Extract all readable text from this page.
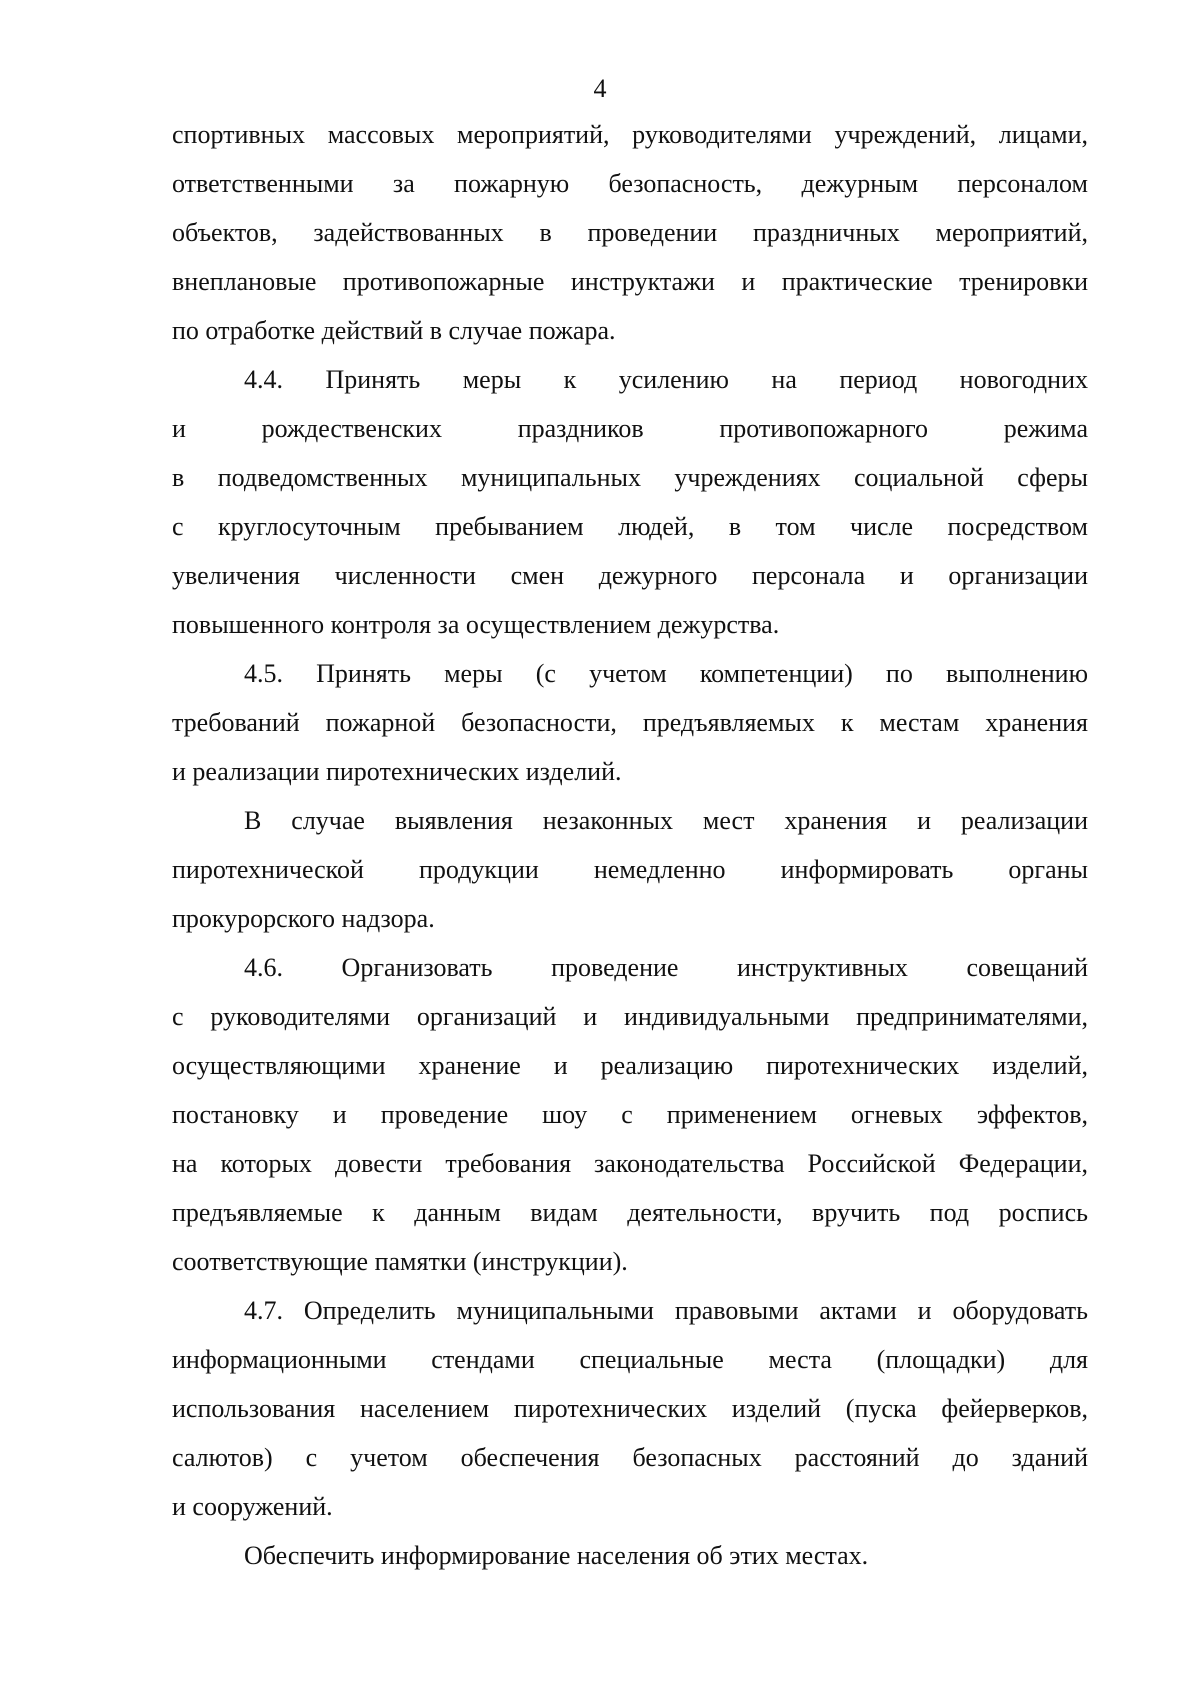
4
спортивных массовых мероприятий, руководителями учреждений, лицами,
ответственными за пожарную безопасность, дежурным персоналом
объектов, задействованных в проведении праздничных мероприятий,
внеплановые противопожарные инструктажи и практические тренировки
по отработке действий в случае пожара.
4.4. Принять меры к усилению на период новогодних
и рождественских праздников противопожарного режима
в подведомственных муниципальных учреждениях социальной сферы
с круглосуточным пребыванием людей, в том числе посредством
увеличения численности смен дежурного персонала и организации
повышенного контроля за осуществлением дежурства.
4.5. Принять меры (с учетом компетенции) по выполнению
требований пожарной безопасности, предъявляемых к местам хранения
и реализации пиротехнических изделий.
В случае выявления незаконных мест хранения и реализации
пиротехнической продукции немедленно информировать органы
прокурорского надзора.
4.6. Организовать проведение инструктивных совещаний
с руководителями организаций и индивидуальными предпринимателями,
осуществляющими хранение и реализацию пиротехнических изделий,
постановку и проведение шоу с применением огневых эффектов,
на которых довести требования законодательства Российской Федерации,
предъявляемые к данным видам деятельности, вручить под роспись
соответствующие памятки (инструкции).
4.7. Определить муниципальными правовыми актами и оборудовать
информационными стендами специальные места (площадки) для
использования населением пиротехнических изделий (пуска фейерверков,
салютов) с учетом обеспечения безопасных расстояний до зданий
и сооружений.
Обеспечить информирование населения об этих местах.
